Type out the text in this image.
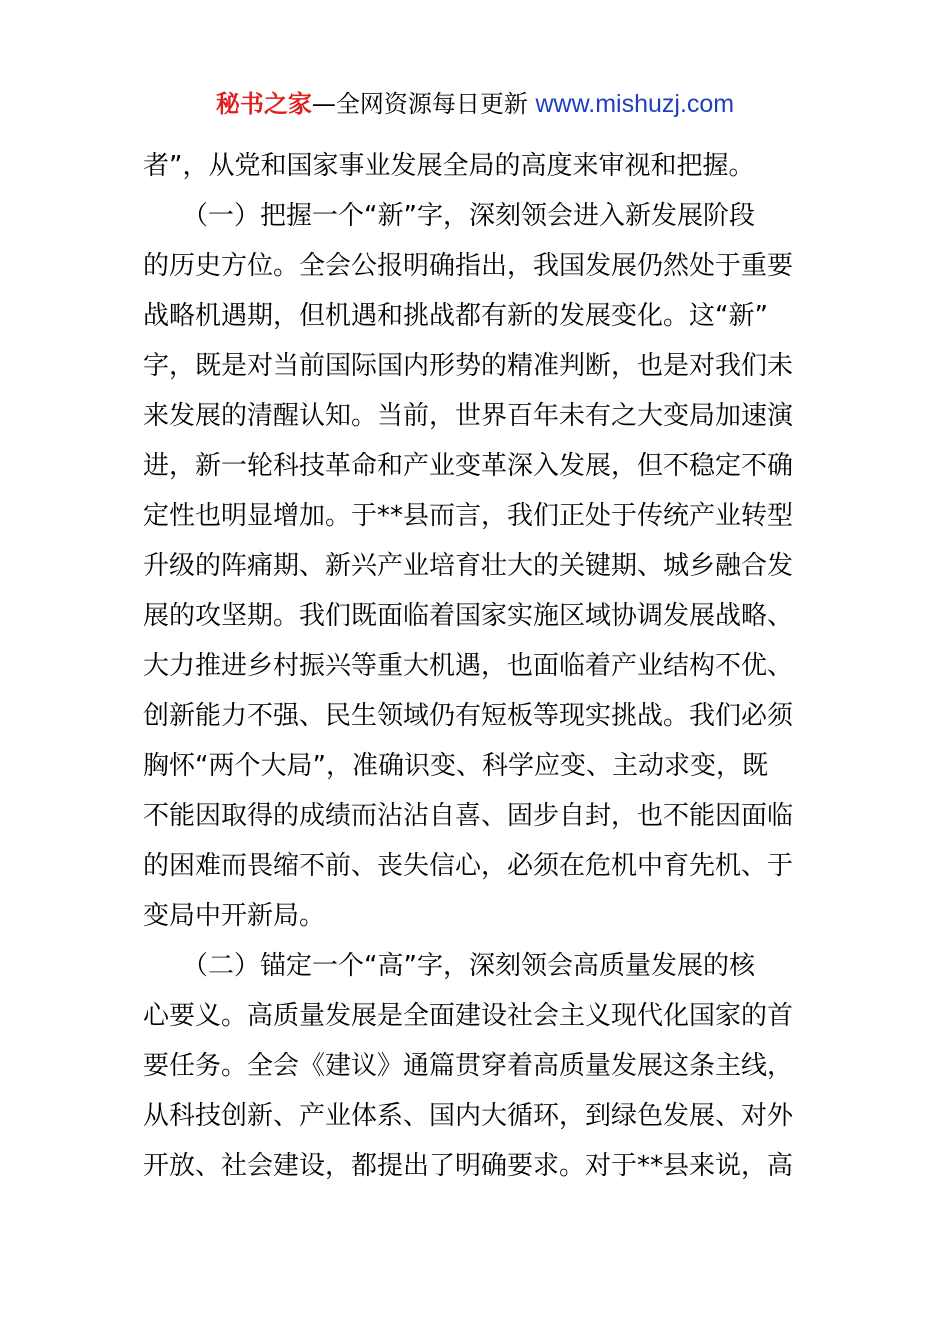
秘书之家—全网资源每日更新 www.mishuzj.com
者”，从党和国家事业发展全局的高度来审视和把握。
　　（一）把握一个“新”字，深刻领会进入新发展阶段
的历史方位。全会公报明确指出，我国发展仍然处于重要
战略机遇期，但机遇和挑战都有新的发展变化。这“新”
字，既是对当前国际国内形势的精准判断，也是对我们未
来发展的清醒认知。当前，世界百年未有之大变局加速演
进，新一轮科技革命和产业变革深入发展，但不稳定不确
定性也明显增加。于**县而言，我们正处于传统产业转型
升级的阵痛期、新兴产业培育壮大的关键期、城乡融合发
展的攻坚期。我们既面临着国家实施区域协调发展战略、
大力推进乡村振兴等重大机遇，也面临着产业结构不优、
创新能力不强、民生领域仍有短板等现实挑战。我们必须
胸怀“两个大局”，准确识变、科学应变、主动求变，既
不能因取得的成绩而沾沾自喜、固步自封，也不能因面临
的困难而畏缩不前、丧失信心，必须在危机中育先机、于
变局中开新局。
　　（二）锚定一个“高”字，深刻领会高质量发展的核
心要义。高质量发展是全面建设社会主义现代化国家的首
要任务。全会《建议》通篇贯穿着高质量发展这条主线，
从科技创新、产业体系、国内大循环，到绿色发展、对外
开放、社会建设，都提出了明确要求。对于**县来说，高
